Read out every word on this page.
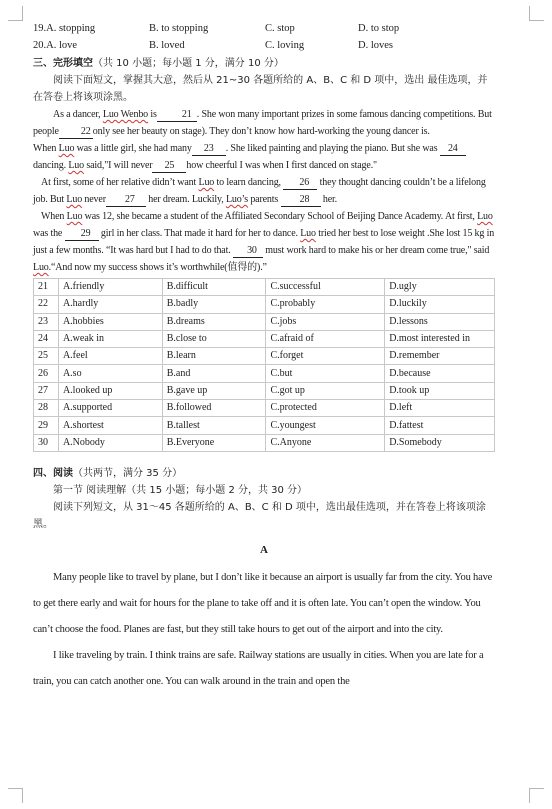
19.A. stopping	B. to stopping	C. stop	D. to stop
20.A. love	B. loved	C. loving	D. loves
三、完形填空（共 10 小题；每小题 1 分，满分 10 分）
阅读下面短文，掌握其大意，然后从 21~30 各题所给的 A、B、C 和 D 项中，选出 最佳选项，并在答卷上将该项涂黑。

As a dancer, Luo Wenbo is	21 . She won many important prizes in some famous dancing competitions. But people 22 only see her beauty on stage). They don’t know how hard-working the young dancer is.

When Luo was a little girl, she had many 23 . She liked painting and playing the piano. But she was 24 dancing. Luo said,"I will never 25 how cheerful I was when I first danced on stage."

At first, some of her relative didn’t want Luo to learn dancing, 26 they thought dancing couldn’t be a lifelong job. But Luo never 27 her dream. Luckily, Luo’s parents 28 her.

When Luo was 12, she became a student of the Affiliated Secondary School of Beijing Dance Academy. At first, Luo was the 29 girl in her class. That made it hard for her to dance. Luo tried her best to lose weight .She lost 15 kg in just a few months. “It was hard but I had to do that. 30 must work hard to make his or her dream come true," said Luo.“And now my success shows it’s worthwhile(值得的).”

21	A.friendly	B.difficult	C.successful	D.ugly
22	A.hardly	B.badly	C.probably	D.luckily
23	A.hobbies	B.dreams	C.jobs	D.lessons
24	A.weak in	B.close to	C.afraid of	D.most interested in
25	A.feel	B.learn	C.forget	D.remember
26	A.so	B.and	C.but	D.because
27	A.looked up	B.gave up	C.got up	D.took up
28	A.supported	B.followed	C.protected	D.left
29	A.shortest	B.tallest	C.youngest	D.fattest
30	A.Nobody	B.Everyone	C.Anyone	D.Somebody
四、阅读（共两节，满分 35 分）
第一节 阅读理解（共 15 小题；每小题 2 分，共 30 分）
阅读下列短文，从 31～45 各题所给的 A、B、C 和 D 项中，选出最佳选项，并在答卷上将该项涂黑。
A

Many people like to travel by plane, but I don’t like it because an airport is usually far from the city. You have to get there early and wait for hours for the plane to take off and it is often late. You can’t open the window. You can’t choose the food. Planes are fast, but they still take hours to get out of the airport and into the city.

I like traveling by train. I think trains are safe. Railway stations are usually in cities. When you are late for a train, you can catch another one. You can walk around in the train and open the
